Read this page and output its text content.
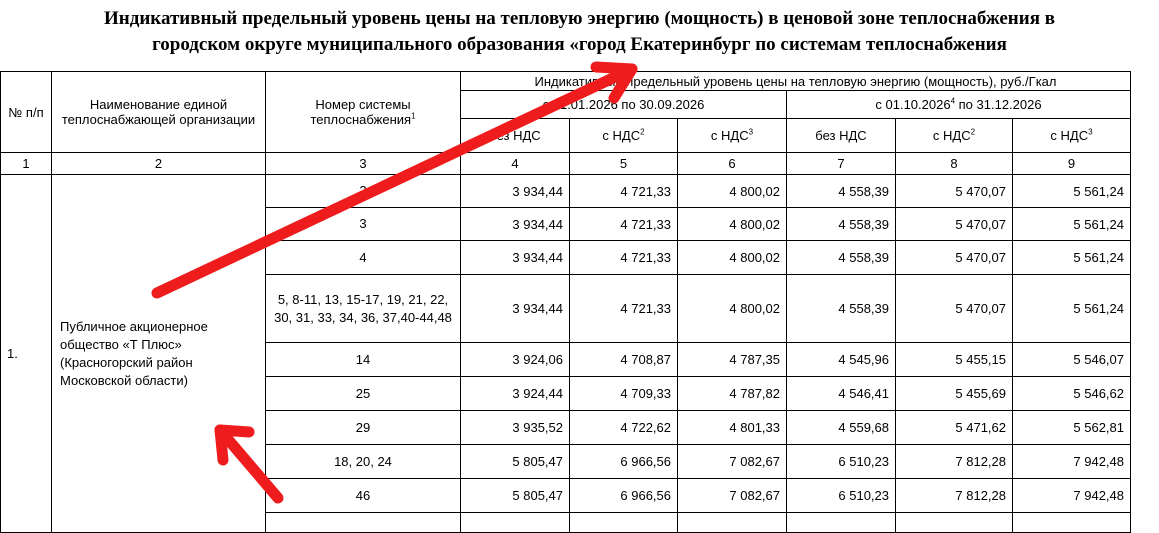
Индикативный предельный уровень цены на тепловую энергию (мощность) в ценовой зоне теплоснабжения в
городском округе муниципального образования «город Екатеринбург по системам теплоснабжения
№ п/п	Наименование единой теплоснабжающей организации	Номер системы теплоснабжения$^1$	Индикативный предельный уровень цены на тепловую энергию (мощность), руб./Гкал					
			с 01.01.2026 по 30.09.2026			с 01.10.2026$^4$ по 31.12.2026		
			без НДС	с НДС$^2$	с НДС$^3$	без НДС	с НДС$^2$	с НДС$^3$
1	2	3	4	5	6	7	8	9
1.	Публичное акционерное общество «Т Плюс» (Красногорский район Московской области)	2	3 934,44	4 721,33	4 800,02	4 558,39	5 470,07	5 561,24
		3	3 934,44	4 721,33	4 800,02	4 558,39	5 470,07	5 561,24
		4	3 934,44	4 721,33	4 800,02	4 558,39	5 470,07	5 561,24
		5, 8-11, 13, 15-17, 19, 21, 22, 30, 31, 33, 34, 36, 37,40-44,48	3 934,44	4 721,33	4 800,02	4 558,39	5 470,07	5 561,24
		14	3 924,06	4 708,87	4 787,35	4 545,96	5 455,15	5 546,07
		25	3 924,44	4 709,33	4 787,82	4 546,41	5 455,69	5 546,62
		29	3 935,52	4 722,62	4 801,33	4 559,68	5 471,62	5 562,81
		18, 20, 24	5 805,47	6 966,56	7 082,67	6 510,23	7 812,28	7 942,48
		46	5 805,47	6 966,56	7 082,67	6 510,23	7 812,28	7 942,48
